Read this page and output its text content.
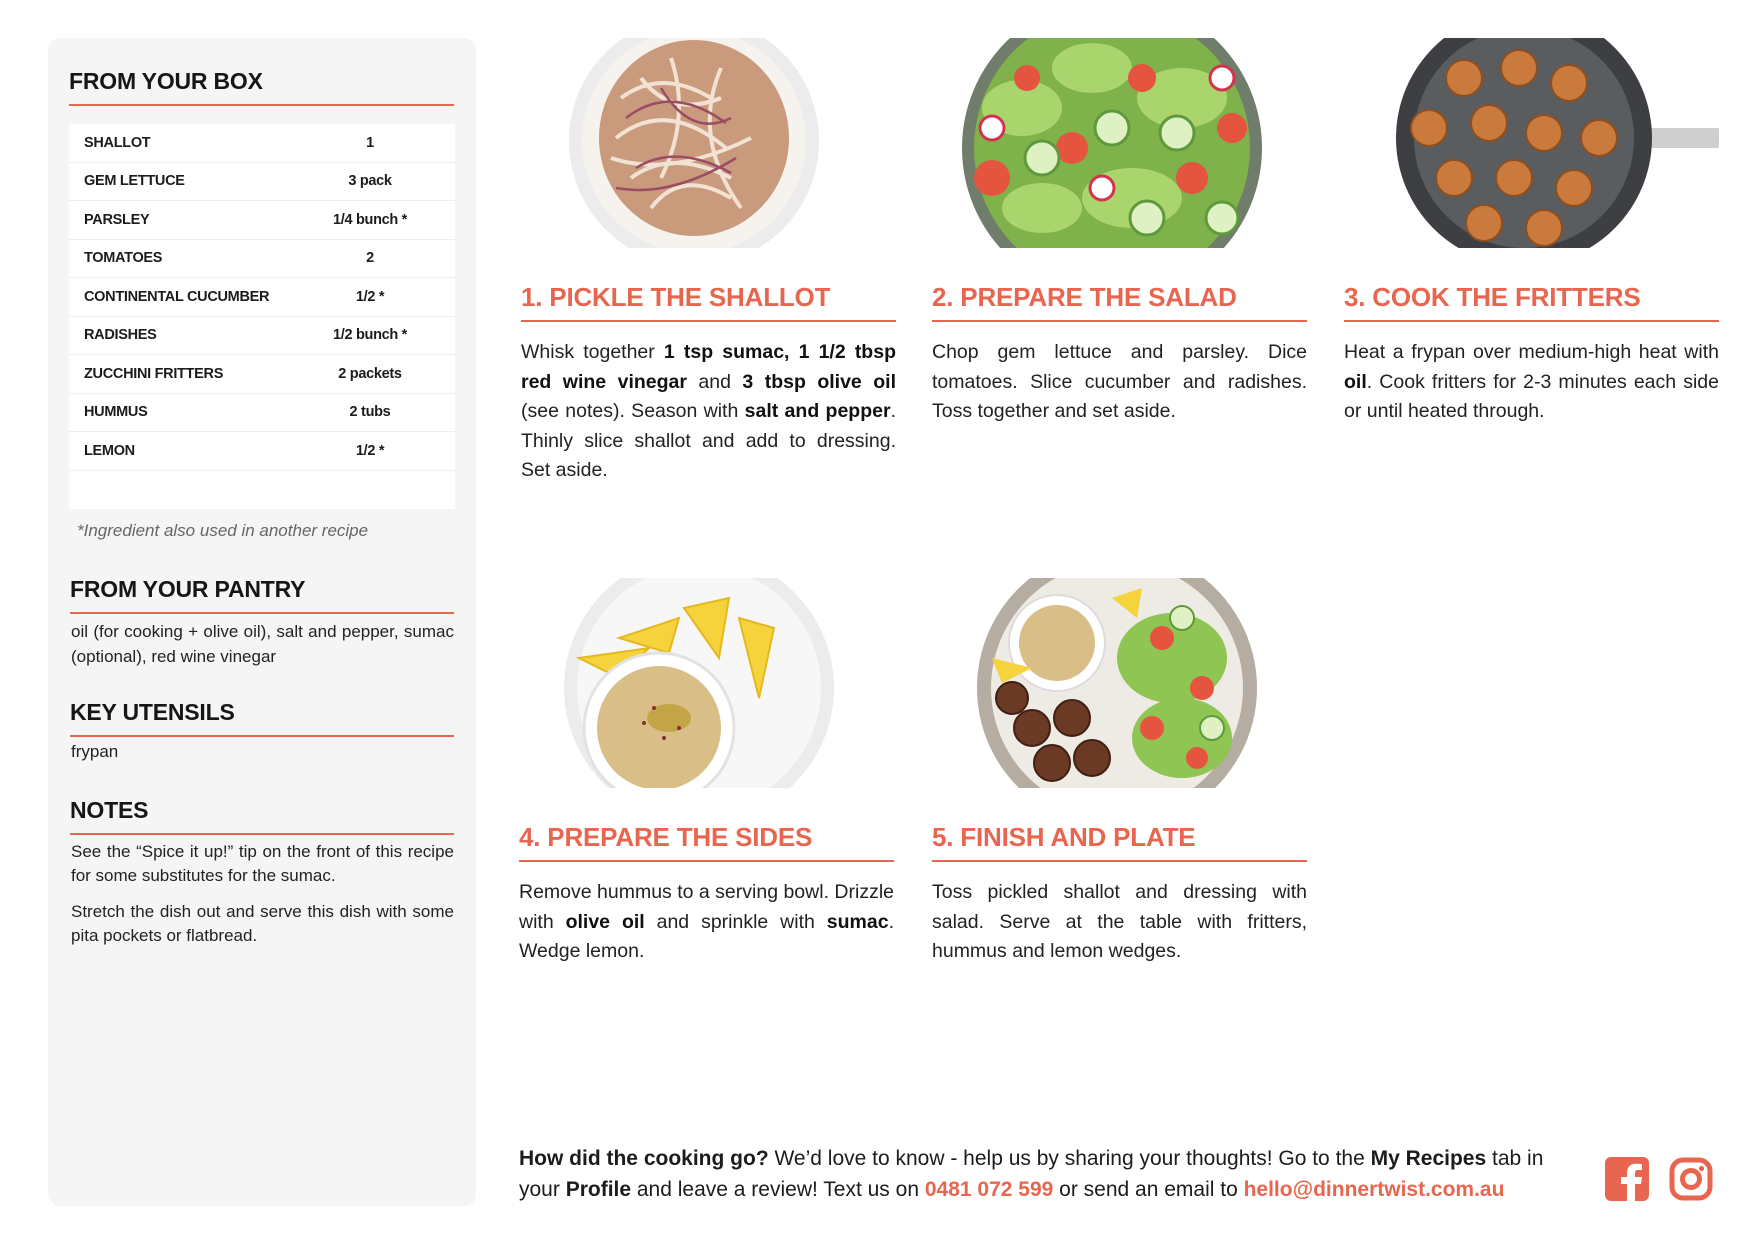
FROM YOUR BOX
SHALLOT	1
GEM LETTUCE	3 pack
PARSLEY	1/4 bunch *
TOMATOES	2
CONTINENTAL CUCUMBER	1/2 *
RADISHES	1/2 bunch *
ZUCCHINI FRITTERS	2 packets
HUMMUS	2 tubs
LEMON	1/2 *
*Ingredient also used in another recipe
FROM YOUR PANTRY
oil (for cooking + olive oil), salt and pepper, sumac (optional), red wine vinegar
KEY UTENSILS
frypan
NOTES

See the “Spice it up!” tip on the front of this recipe for some substitutes for the sumac.

Stretch the dish out and serve this dish with some pita pockets or flatbread.

1. PICKLE THE SHALLOT
Whisk together 1 tsp sumac, 1 1/2 tbsp red wine vinegar and 3 tbsp olive oil (see notes). Season with salt and pepper. Thinly slice shallot and add to dressing. Set aside.
2. PREPARE THE SALAD
Chop gem lettuce and parsley. Dice tomatoes. Slice cucumber and radishes. Toss together and set aside.
3. COOK THE FRITTERS
Heat a frypan over medium-high heat with oil. Cook fritters for 2-3 minutes each side or until heated through.
4. PREPARE THE SIDES
Remove hummus to a serving bowl. Drizzle with olive oil and sprinkle with sumac. Wedge lemon.
5. FINISH AND PLATE
Toss pickled shallot and dressing with salad. Serve at the table with fritters, hummus and lemon wedges.
How did the cooking go? We’d love to know - help us by sharing your thoughts! Go to the My Recipes tab in your Profile and leave a review! Text us on 0481 072 599 or send an email to hello@dinnertwist.com.au
